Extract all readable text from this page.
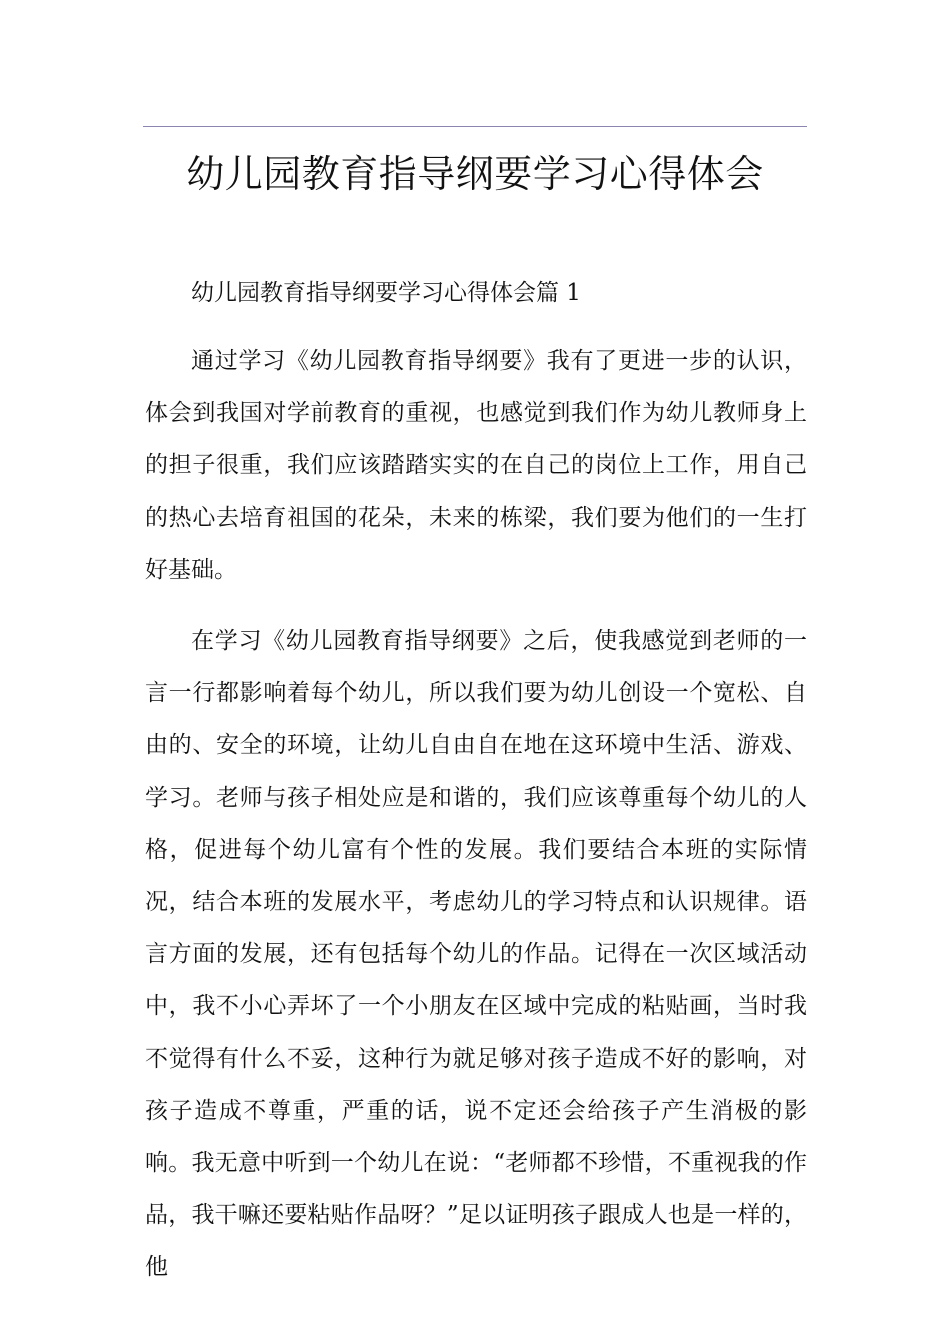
幼儿园教育指导纲要学习心得体会

幼儿园教育指导纲要学习心得体会篇 1

通过学习《幼儿园教育指导纲要》我有了更进一步的认识，体会到我国对学前教育的重视，也感觉到我们作为幼儿教师身上的担子很重，我们应该踏踏实实的在自己的岗位上工作，用自己的热心去培育祖国的花朵，未来的栋梁，我们要为他们的一生打好基础。

在学习《幼儿园教育指导纲要》之后，使我感觉到老师的一言一行都影响着每个幼儿，所以我们要为幼儿创设一个宽松、自由的、安全的环境，让幼儿自由自在地在这环境中生活、游戏、学习。老师与孩子相处应是和谐的，我们应该尊重每个幼儿的人格，促进每个幼儿富有个性的发展。我们要结合本班的实际情况，结合本班的发展水平，考虑幼儿的学习特点和认识规律。语言方面的发展，还有包括每个幼儿的作品。记得在一次区域活动中，我不小心弄坏了一个小朋友在区域中完成的粘贴画，当时我不觉得有什么不妥，这种行为就足够对孩子造成不好的影响，对孩子造成不尊重，严重的话，说不定还会给孩子产生消极的影响。我无意中听到一个幼儿在说：“老师都不珍惜，不重视我的作品，我干嘛还要粘贴作品呀？”足以证明孩子跟成人也是一样的，他
